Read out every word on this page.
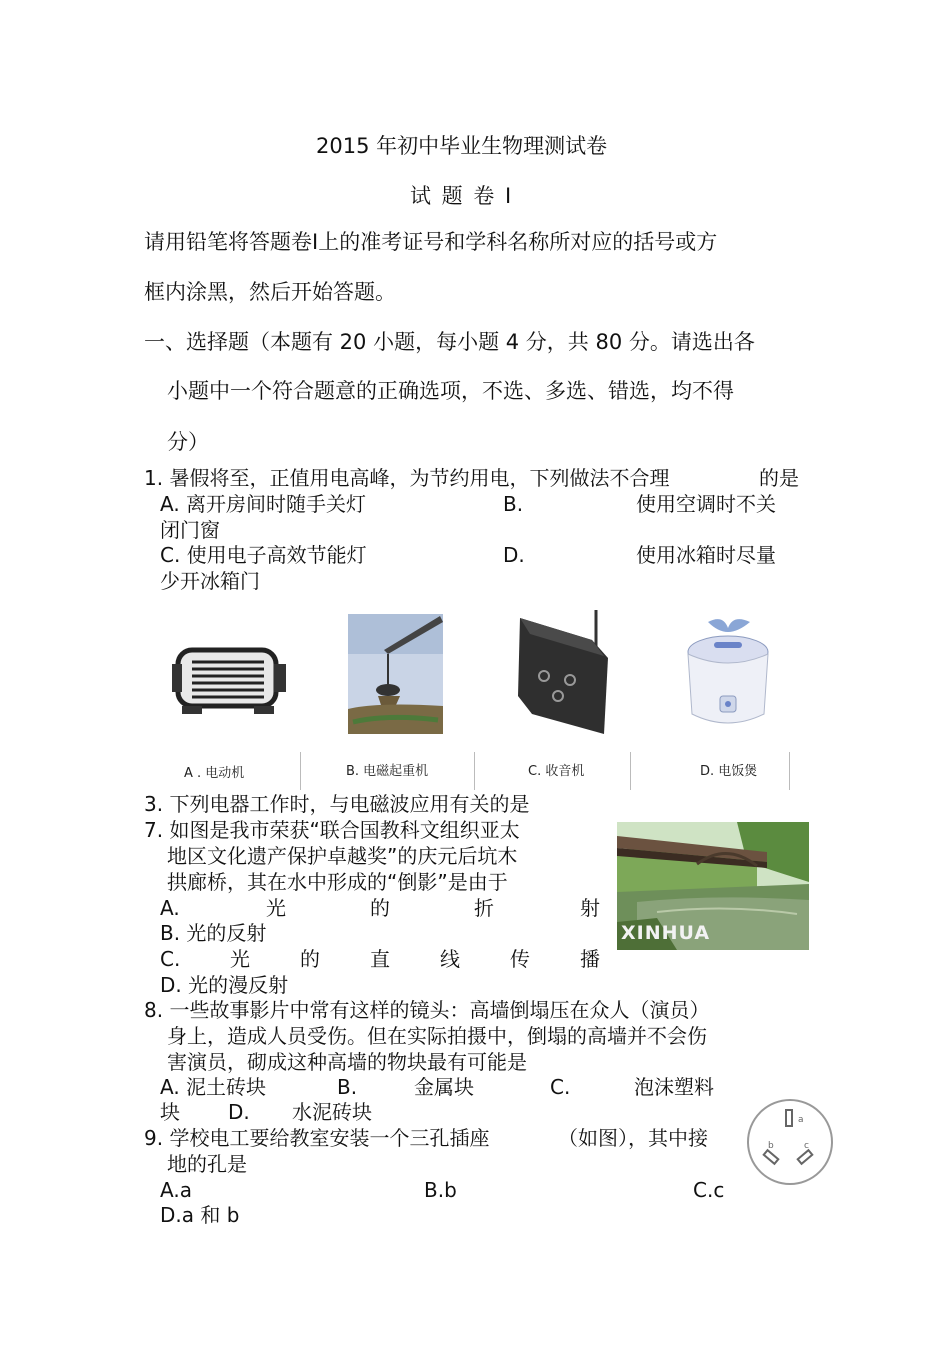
2015 年初中毕业生物理测试卷
试 题 卷 Ⅰ
请用铅笔将答题卷Ⅰ上的准考证号和学科名称所对应的括号或方
框内涂黑，然后开始答题。
一、选择题（本题有 20 小题，每小题 4 分，共 80 分。请选出各
小题中一个符合题意的正确选项，不选、多选、错选，均不得
分）
1. 暑假将至，正值用电高峰，为节约用电，下列做法不合理	的是
A. 离开房间时随手关灯	B.	使用空调时不关
闭门窗
C. 使用电子高效节能灯	D.	使用冰箱时尽量
少开冰箱门
A . 电动机	B. 电磁起重机	C. 收音机	D. 电饭煲
3. 下列电器工作时，与电磁波应用有关的是
7. 如图是我市荣获“联合国教科文组织亚太
地区文化遗产保护卓越奖”的庆元后坑木
拱廊桥，其在水中形成的“倒影”是由于
A.	光	的	折	射
B. 光的反射
C. 光	的	直	线	传	播
D. 光的漫反射
XINHUA
8. 一些故事影片中常有这样的镜头：高墙倒塌压在众人（演员）
身上，造成人员受伤。但在实际拍摄中，倒塌的高墙并不会伤
害演员，砌成这种高墙的物块最有可能是
A. 泥土砖块	B.	金属块	C.	泡沫塑料
块 D. 水泥砖块
9. 学校电工要给教室安装一个三孔插座	（如图），其中接
地的孔是
A.a	B.b	C.c
D.a 和 b
a
b	c
